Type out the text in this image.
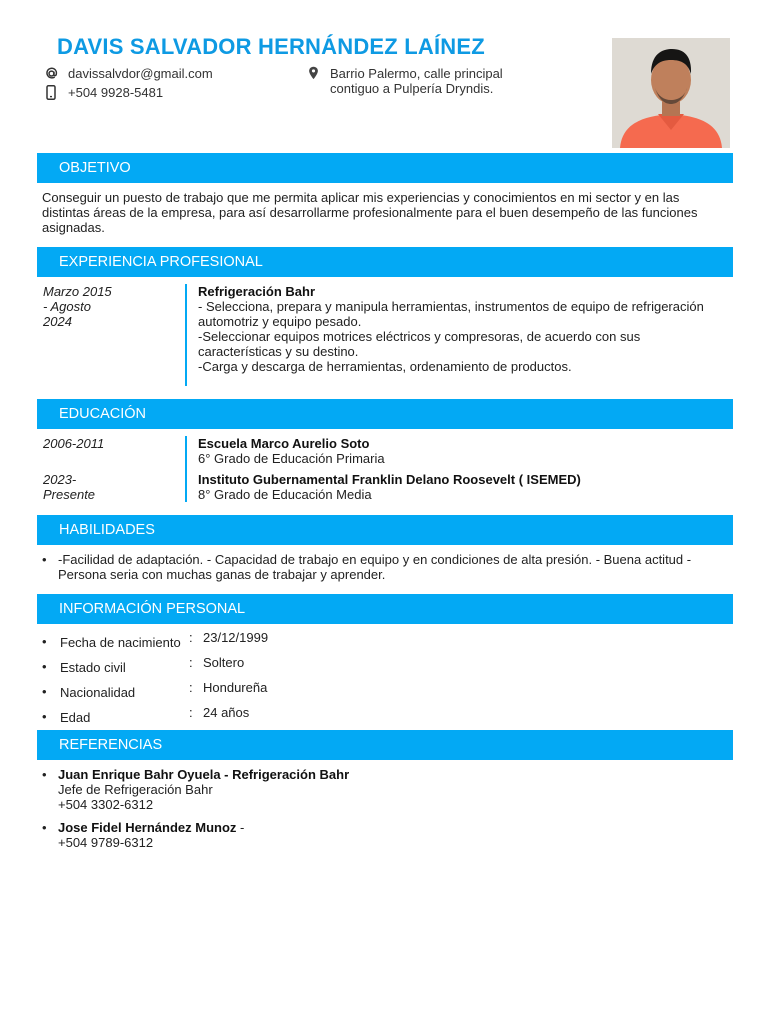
DAVIS SALVADOR HERNÁNDEZ LAÍNEZ
davissalvdor@gmail.com
+504 9928-5481
Barrio Palermo, calle principal
contiguo a Pulpería Dryndis.
OBJETIVO
Conseguir un puesto de trabajo que me permita aplicar mis experiencias y conocimientos en mi sector y en las
distintas áreas de la empresa, para así desarrollarme profesionalmente para el buen desempeño de las funciones
asignadas.
EXPERIENCIA PROFESIONAL
Marzo 2015
- Agosto
2024
Refrigeración Bahr
- Selecciona, prepara y manipula herramientas, instrumentos de equipo de refrigeración
automotriz y equipo pesado.
-Seleccionar equipos motrices eléctricos y compresoras, de acuerdo con sus
características y su destino.
-Carga y descarga de herramientas, ordenamiento de productos.
EDUCACIÓN
2006-2011	Escuela Marco Aurelio Soto
6° Grado de Educación Primaria
2023-
Presente
Instituto Gubernamental Franklin Delano Roosevelt ( ISEMED)
8° Grado de Educación Media
HABILIDADES
• -Facilidad de adaptación. - Capacidad de trabajo en equipo y en condiciones de alta presión. - Buena actitud -
Persona seria con muchas ganas de trabajar y aprender.
INFORMACIÓN PERSONAL
• Fecha de nacimiento : 23/12/1999
• Estado civil	: Soltero
• Nacionalidad	: Hondureña
• Edad	: 24 años
REFERENCIAS
• Juan Enrique Bahr Oyuela - Refrigeración Bahr
Jefe de Refrigeración Bahr
+504 3302-6312
• Jose Fidel Hernández Munoz -
+504 9789-6312
